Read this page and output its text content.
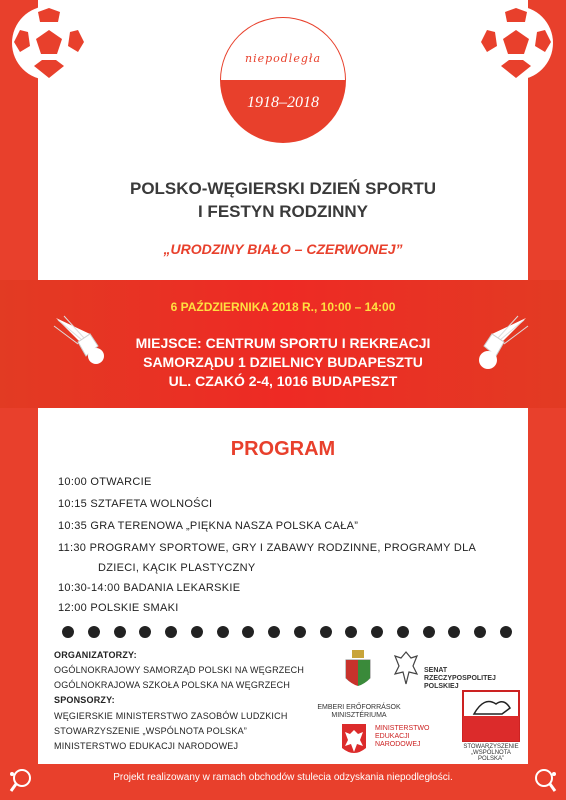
niepodległa
1918–2018
POLSKO-WĘGIERSKI DZIEŃ SPORTU
I FESTYN RODZINNY
„URODZINY BIAŁO – CZERWONEJ”
6 PAŹDZIERNIKA 2018 R., 10:00 – 14:00
MIEJSCE: CENTRUM SPORTU I REKREACJI
SAMORZĄDU 1 DZIELNICY BUDAPESZTU
UL. CZAKÓ 2-4, 1016 BUDAPESZT
PROGRAM
10:00 OTWARCIE
10:15 SZTAFETA WOLNOŚCI
10:35 GRA TERENOWA „PIĘKNA NASZA POLSKA CAŁA”
11:30 PROGRAMY SPORTOWE, GRY I ZABAWY RODZINNE, PROGRAMY DLA
DZIECI, KĄCIK PLASTYCZNY
10:30-14:00 BADANIA LEKARSKIE
12:00 POLSKIE SMAKI
ORGANIZATORZY:
OGÓLNOKRAJOWY SAMORZĄD POLSKI NA WĘGRZECH
OGÓLNOKRAJOWA SZKOŁA POLSKA NA WĘGRZECH
SPONSORZY:
WĘGIERSKIE MINISTERSTWO ZASOBÓW LUDZKICH
STOWARZYSZENIE „WSPÓLNOTA POLSKA”
MINISTERSTWO EDUKACJI NARODOWEJ
SENAT
RZECZYPOSPOLITEJ
POLSKIEJ
EMBERI ERŐFORRÁSOK
MINISZTÉRIUMA
MINISTERSTWO
EDUKACJI
NARODOWEJ	STOWARZYSZENIE
„WSPÓLNOTA POLSKA”
Projekt realizowany w ramach obchodów stulecia odzyskania niepodległości.
